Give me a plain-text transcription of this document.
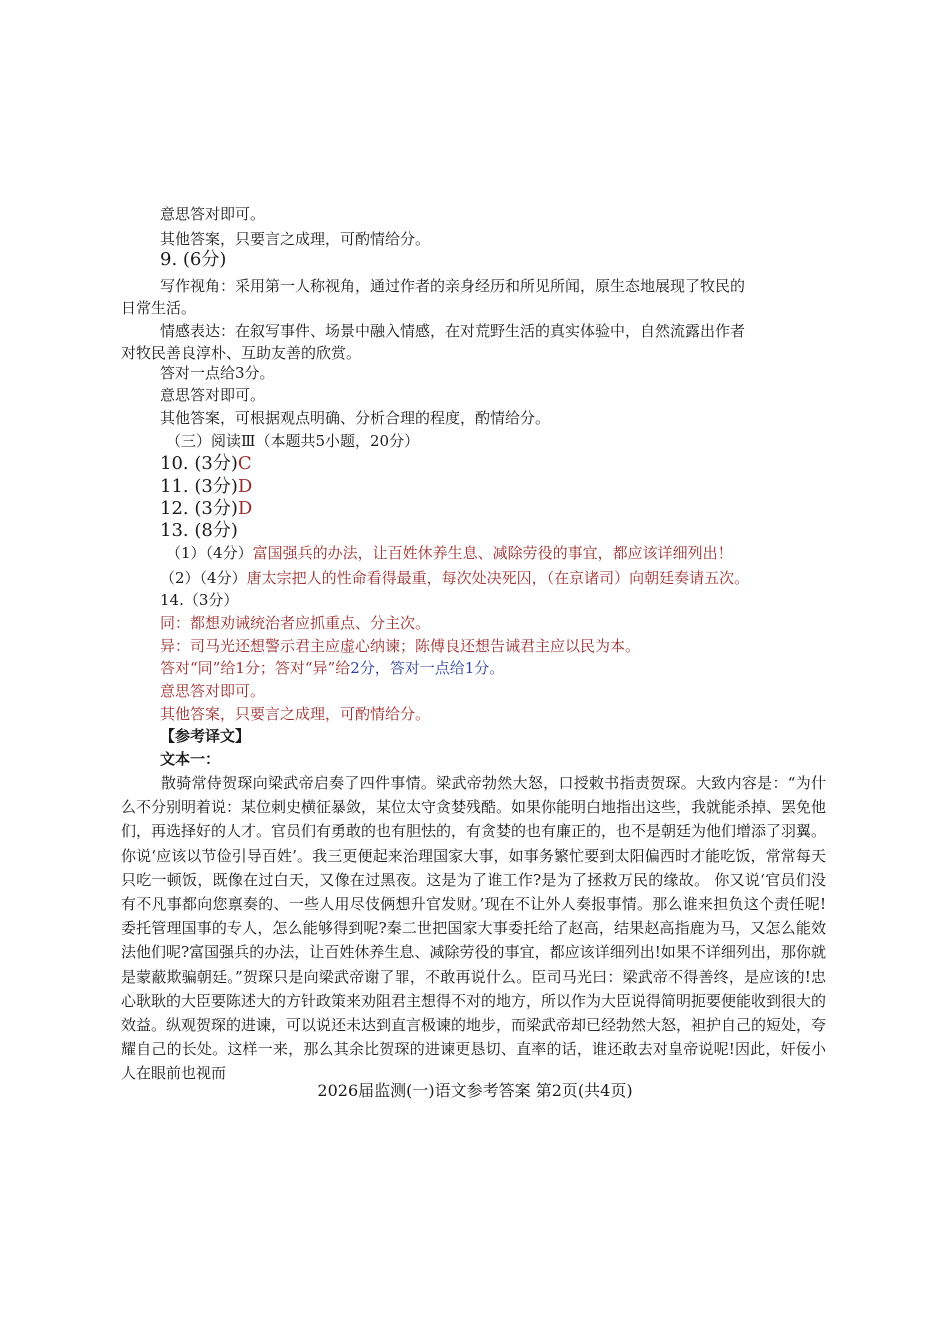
意思答对即可。
其他答案，只要言之成理，可酌情给分。
9. (6分)
写作视角：采用第一人称视角，通过作者的亲身经历和所见所闻，原生态地展现了牧民的
日常生活。
情感表达：在叙写事件、场景中融入情感，在对荒野生活的真实体验中，自然流露出作者
对牧民善良淳朴、互助友善的欣赏。
答对一点给3分。
意思答对即可。
其他答案，可根据观点明确、分析合理的程度，酌情给分。
（三）阅读Ⅲ（本题共5小题，20分）
10. (3分)C
11. (3分)D
12. (3分)D
13. (8分)
（1）（4分）富国强兵的办法，让百姓休养生息、减除劳役的事宜，都应该详细列出！
（2）（4分）唐太宗把人的性命看得最重，每次处决死囚，（在京诸司）向朝廷奏请五次。
14.（3分）
同：都想劝诫统治者应抓重点、分主次。
异：司马光还想警示君主应虚心纳谏；陈傅良还想告诫君主应以民为本。
答对“同”给1分；答对“异”给2分，答对一点给1分。
意思答对即可。
其他答案，只要言之成理，可酌情给分。
【参考译文】
文本一：
散骑常侍贺琛向梁武帝启奏了四件事情。梁武帝勃然大怒，口授敕书指责贺琛。大致内容是：“为什么不分别明着说：某位刺史横征暴敛，某位太守贪婪残酷。如果你能明白地指出这些，我就能杀掉、罢免他们，再选择好的人才。官员们有勇敢的也有胆怯的，有贪婪的也有廉正的，也不是朝廷为他们增添了羽翼。你说‘应该以节俭引导百姓’。我三更便起来治理国家大事，如事务繁忙要到太阳偏西时才能吃饭，常常每天只吃一顿饭，既像在过白天，又像在过黑夜。这是为了谁工作?是为了拯救万民的缘故。 你又说‘官员们没有不凡事都向您禀奏的、一些人用尽伎俩想升官发财。’现在不让外人奏报事情。那么谁来担负这个责任呢!委托管理国事的专人，怎么能够得到呢?秦二世把国家大事委托给了赵高，结果赵高指鹿为马，又怎么能效法他们呢?富国强兵的办法，让百姓休养生息、减除劳役的事宜，都应该详细列出!如果不详细列出，那你就是蒙蔽欺骗朝廷。”贺琛只是向梁武帝谢了罪，不敢再说什么。臣司马光曰：梁武帝不得善终，是应该的!忠心耿耿的大臣要陈述大的方针政策来劝阻君主想得不对的地方，所以作为大臣说得简明扼要便能收到很大的效益。纵观贺琛的进谏，可以说还未达到直言极谏的地步，而梁武帝却已经勃然大怒，袒护自己的短处，夸耀自己的长处。这样一来，那么其余比贺琛的进谏更恳切、直率的话，谁还敢去对皇帝说呢!因此，奸佞小人在眼前也视而
2026届监测(一)语文参考答案 第2页(共4页)
